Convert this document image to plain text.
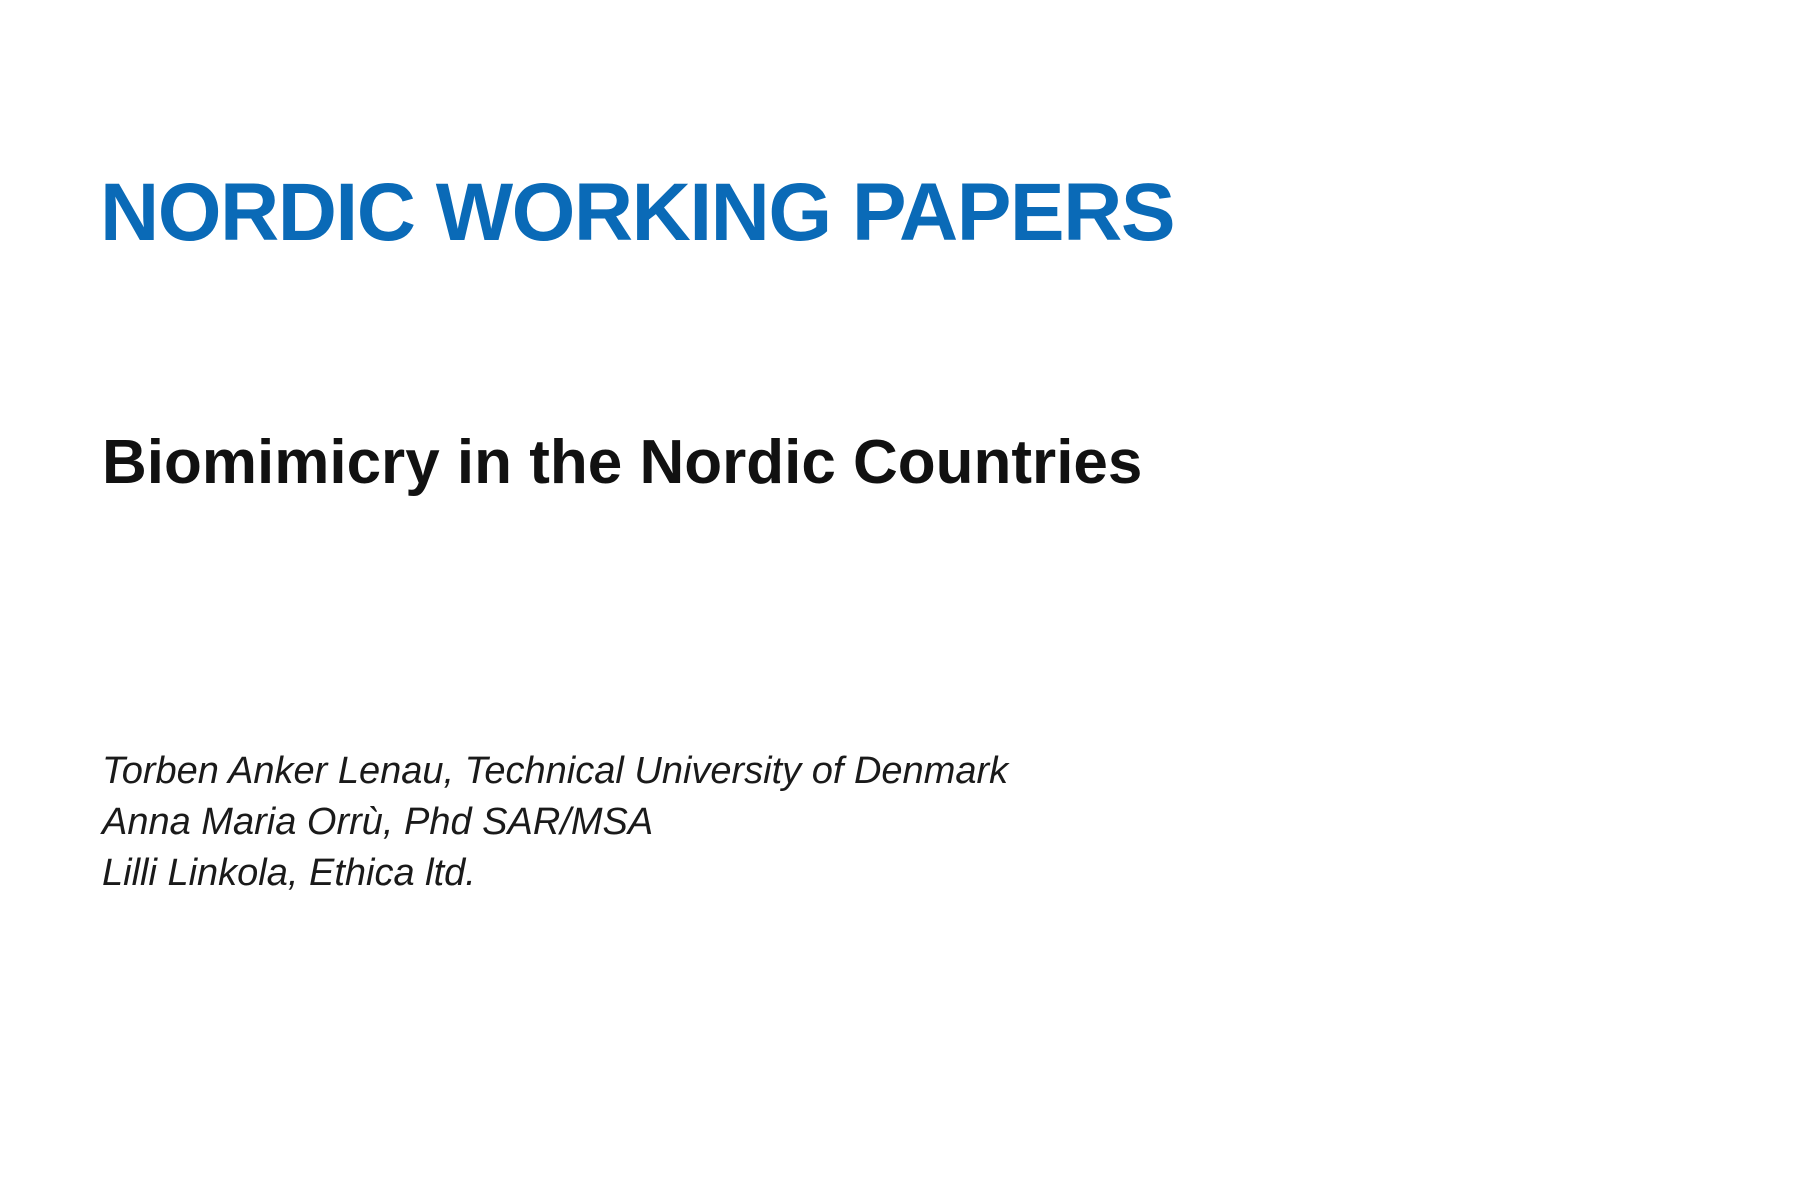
NORDIC WORKING PAPERS
Biomimicry in the Nordic Countries
Torben Anker Lenau, Technical University of Denmark
Anna Maria Orrù, Phd SAR/MSA
Lilli Linkola, Ethica ltd.
